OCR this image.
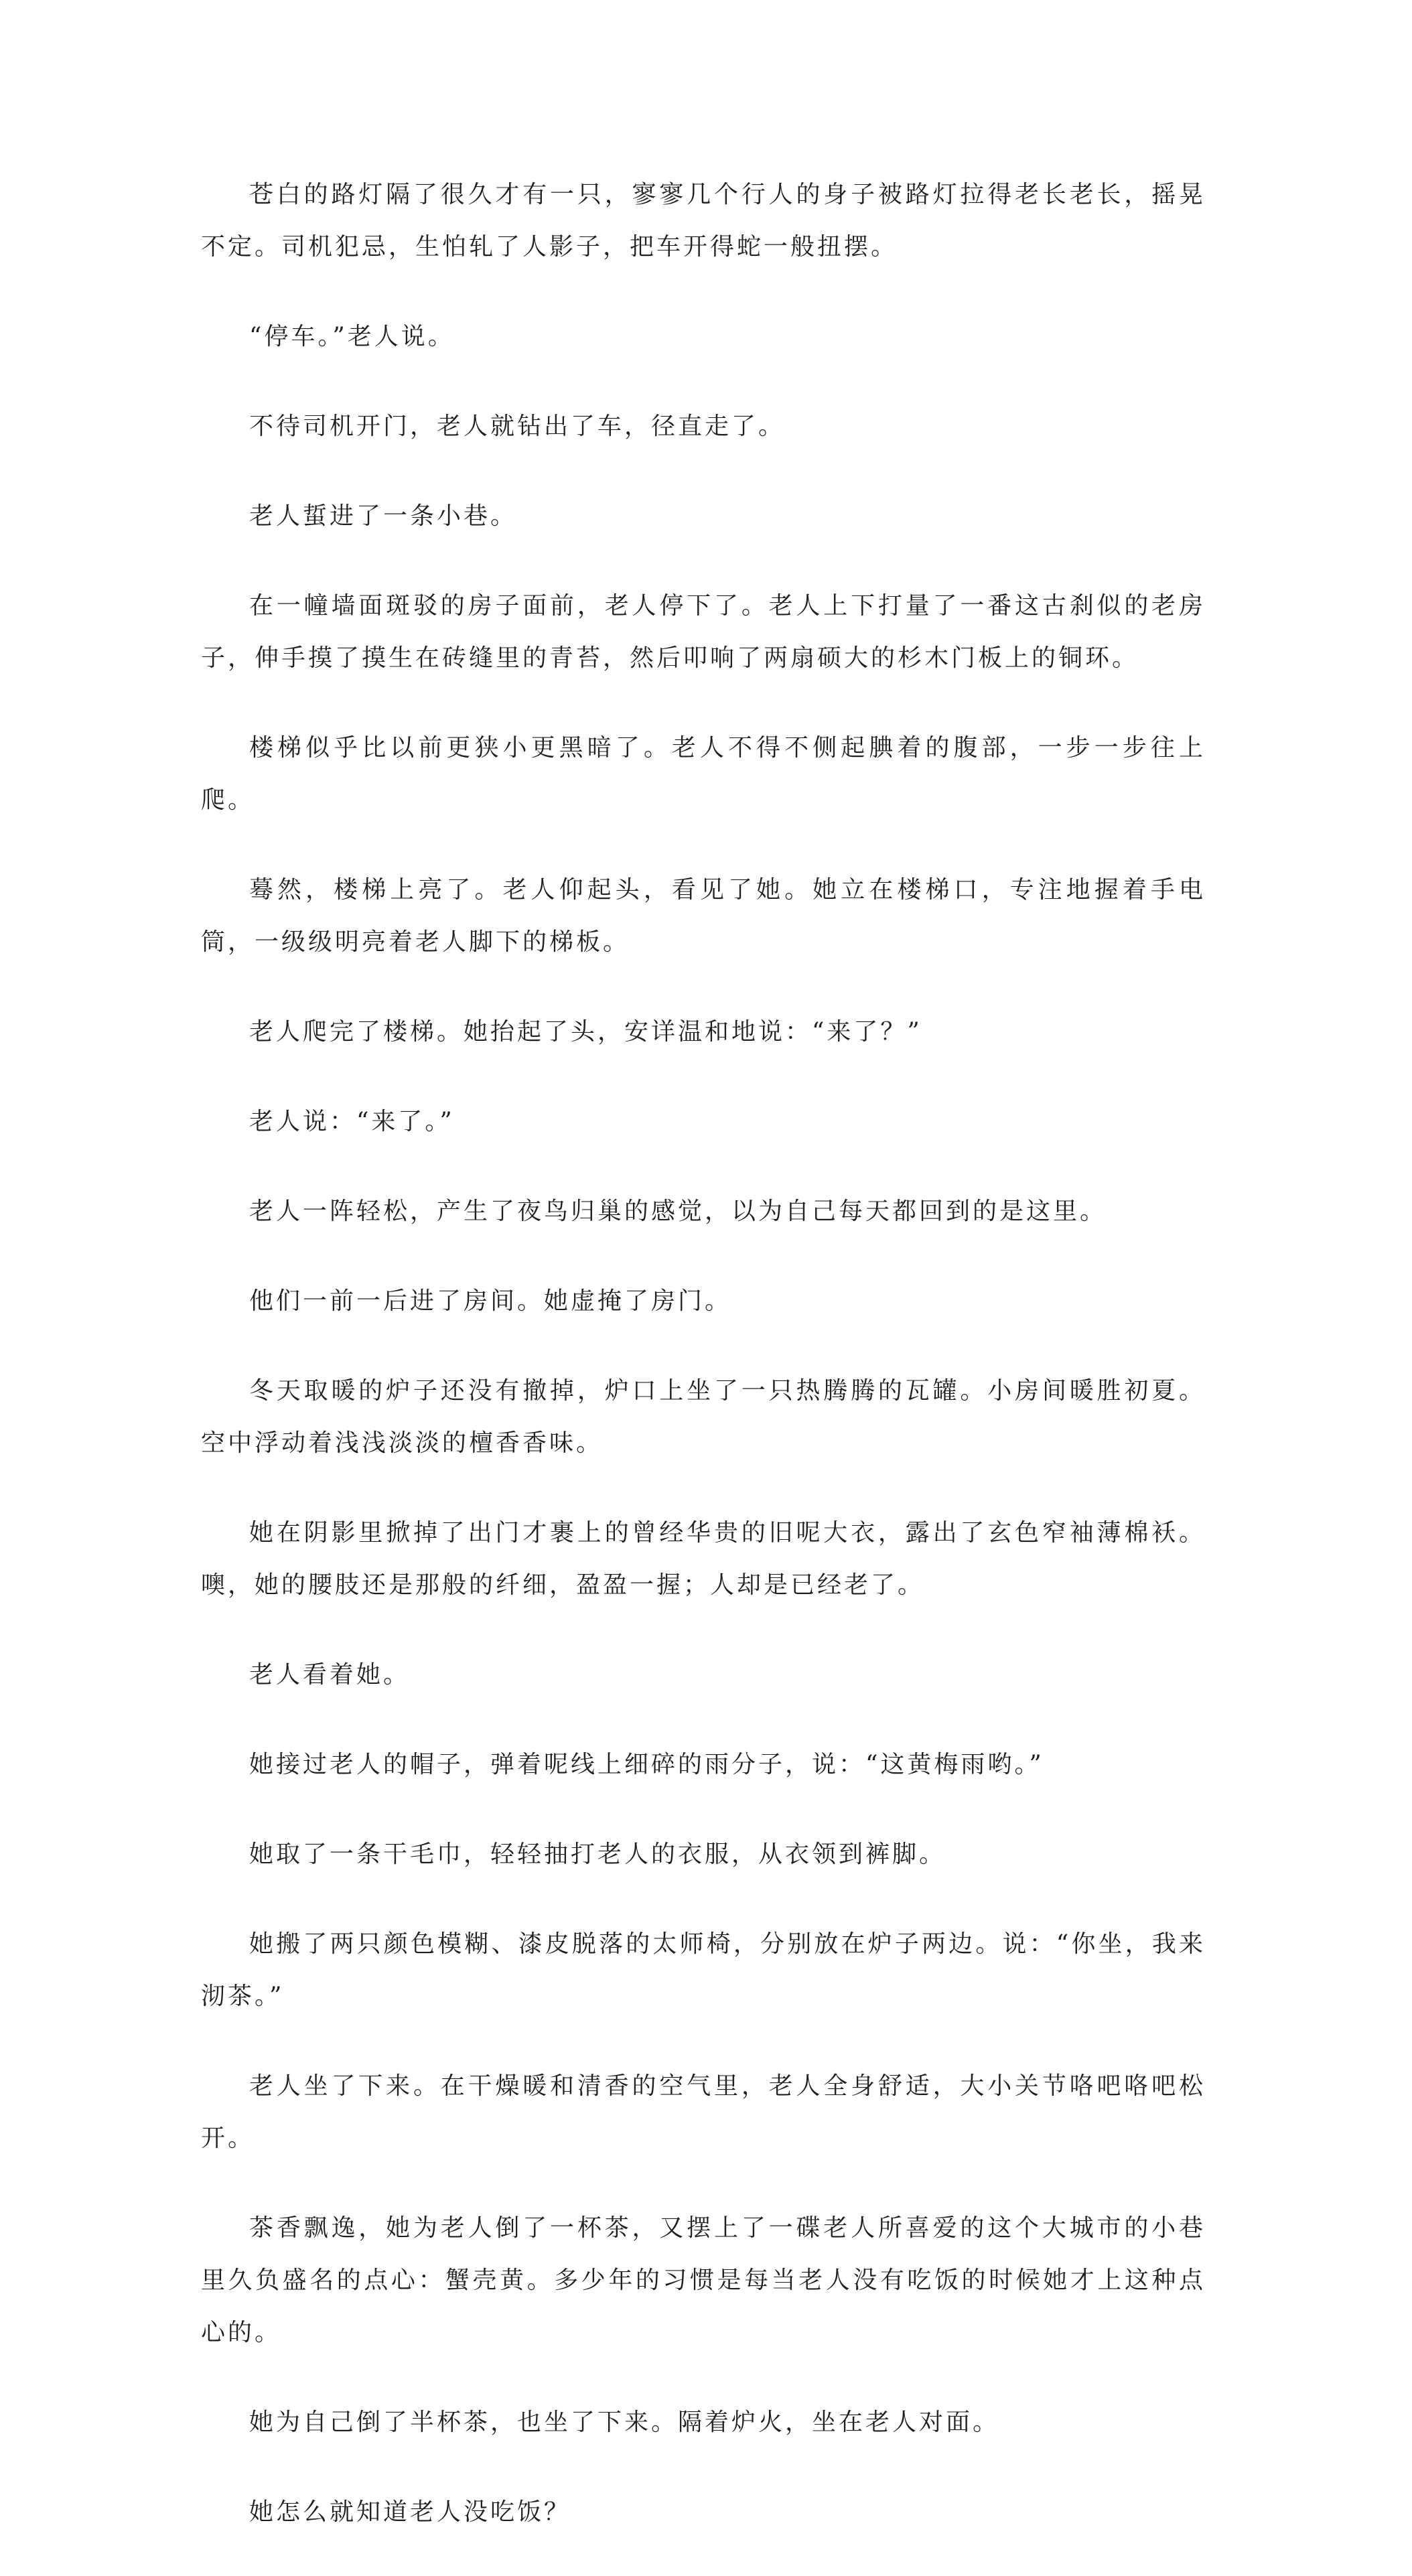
苍白的路灯隔了很久才有一只，寥寥几个行人的身子被路灯拉得老长老长，摇晃不定。司机犯忌，生怕轧了人影子，把车开得蛇一般扭摆。

“停车。”老人说。

不待司机开门，老人就钻出了车，径直走了。

老人蜇进了一条小巷。

在一幢墙面斑驳的房子面前，老人停下了。老人上下打量了一番这古刹似的老房子，伸手摸了摸生在砖缝里的青苔，然后叩响了两扇硕大的杉木门板上的铜环。

楼梯似乎比以前更狭小更黑暗了。老人不得不侧起腆着的腹部，一步一步往上爬。

蓦然，楼梯上亮了。老人仰起头，看见了她。她立在楼梯口，专注地握着手电筒，一级级明亮着老人脚下的梯板。

老人爬完了楼梯。她抬起了头，安详温和地说：“来了？”

老人说：“来了。”

老人一阵轻松，产生了夜鸟归巢的感觉，以为自己每天都回到的是这里。

他们一前一后进了房间。她虚掩了房门。

冬天取暖的炉子还没有撤掉，炉口上坐了一只热腾腾的瓦罐。小房间暖胜初夏。空中浮动着浅浅淡淡的檀香香味。

她在阴影里掀掉了出门才裹上的曾经华贵的旧呢大衣，露出了玄色窄袖薄棉袄。噢，她的腰肢还是那般的纤细，盈盈一握；人却是已经老了。

老人看着她。

她接过老人的帽子，弹着呢线上细碎的雨分子，说：“这黄梅雨哟。”

她取了一条干毛巾，轻轻抽打老人的衣服，从衣领到裤脚。

她搬了两只颜色模糊、漆皮脱落的太师椅，分别放在炉子两边。说：“你坐，我来沏茶。”

老人坐了下来。在干燥暖和清香的空气里，老人全身舒适，大小关节咯吧咯吧松开。

茶香飘逸，她为老人倒了一杯茶，又摆上了一碟老人所喜爱的这个大城市的小巷里久负盛名的点心：蟹壳黄。多少年的习惯是每当老人没有吃饭的时候她才上这种点心的。

她为自己倒了半杯茶，也坐了下来。隔着炉火，坐在老人对面。

她怎么就知道老人没吃饭？
